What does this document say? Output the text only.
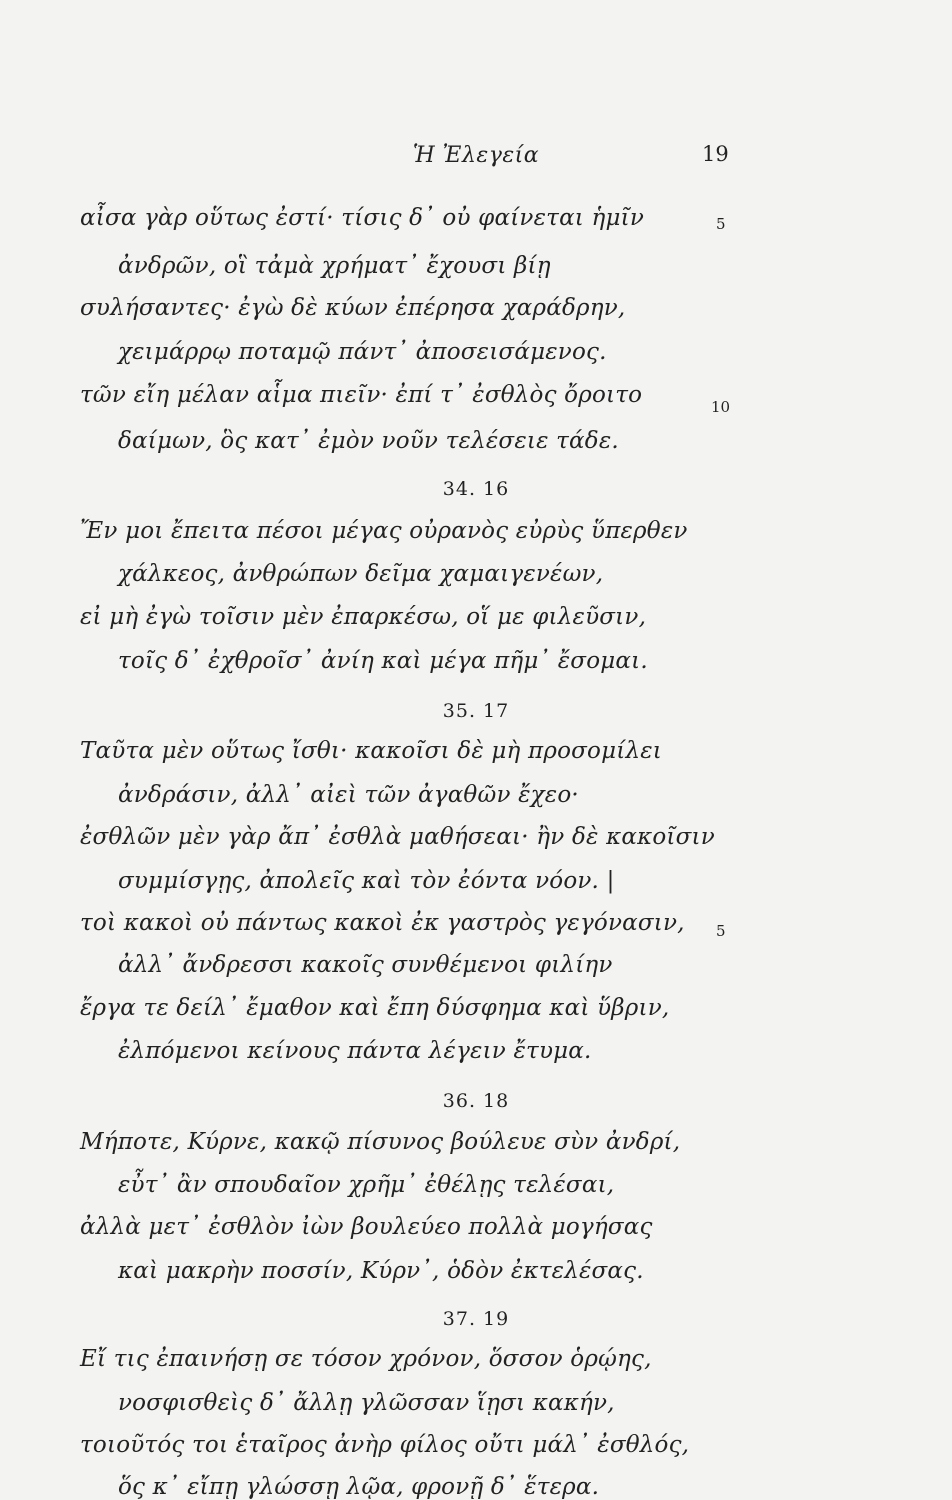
Ἡ Ἐλεγεία	19
αἶσα γὰρ οὕτως ἐστί· τίσις δ᾿ οὐ φαίνεται ἡμῖν
ἀνδρῶν, οἳ τἀμὰ χρήματ᾿ ἔχουσι βίῃ
συλήσαντες· ἐγὼ δὲ κύων ἐπέρησα χαράδρην,
χειμάρρῳ ποταμῷ πάντ᾿ ἀποσεισάμενος.
τῶν εἴη μέλαν αἷμα πιεῖν· ἐπί τ᾿ ἐσθλὸς ὄροιτο
δαίμων, ὃς κατ᾿ ἐμὸν νοῦν τελέσειε τάδε.
5
10
34. 16
Ἔν μοι ἔπειτα πέσοι μέγας οὐρανὸς εὐρὺς ὕπερθεν
χάλκεος, ἀνθρώπων δεῖμα χαμαιγενέων,
εἰ μὴ ἐγὼ τοῖσιν μὲν ἐπαρκέσω, οἵ με φιλεῦσιν,
τοῖς δ᾿ ἐχθροῖσ᾿ ἀνίη καὶ μέγα πῆμ᾿ ἔσομαι.
35. 17
Ταῦτα μὲν οὕτως ἴσθι· κακοῖσι δὲ μὴ προσομίλει
ἀνδράσιν, ἀλλ᾿ αἰεὶ τῶν ἀγαθῶν ἔχεο·
ἐσθλῶν μὲν γὰρ ἄπ᾿ ἐσθλὰ μαθήσεαι· ἢν δὲ κακοῖσιν
συμμίσγῃς, ἀπολεῖς καὶ τὸν ἐόντα νόον. |
τοὶ κακοὶ οὐ πάντως κακοὶ ἐκ γαστρὸς γεγόνασιν,
ἀλλ᾿ ἄνδρεσσι κακοῖς συνθέμενοι φιλίην
ἔργα τε δείλ᾿ ἔμαθον καὶ ἔπη δύσφημα καὶ ὕβριν,
ἐλπόμενοι κείνους πάντα λέγειν ἔτυμα.
5
36. 18
Μήποτε, Κύρνε, κακῷ πίσυνος βούλευε σὺν ἀνδρί,
εὖτ᾿ ἂν σπουδαῖον χρῆμ᾿ ἐθέλῃς τελέσαι,
ἀλλὰ μετ᾿ ἐσθλὸν ἰὼν βουλεύεο πολλὰ μογήσας
καὶ μακρὴν ποσσίν, Κύρν᾿, ὁδὸν ἐκτελέσας.
37. 19
Εἴ τις ἐπαινήσῃ σε τόσον χρόνον, ὅσσον ὁρῴης,
νοσφισθεὶς δ᾿ ἄλλῃ γλῶσσαν ἵῃσι κακήν,
τοιοῦτός τοι ἑταῖρος ἀνὴρ φίλος οὔτι μάλ᾿ ἐσθλός,
ὅς κ᾿ εἴπῃ γλώσσῃ λῷα, φρονῇ δ᾿ ἕτερα.
